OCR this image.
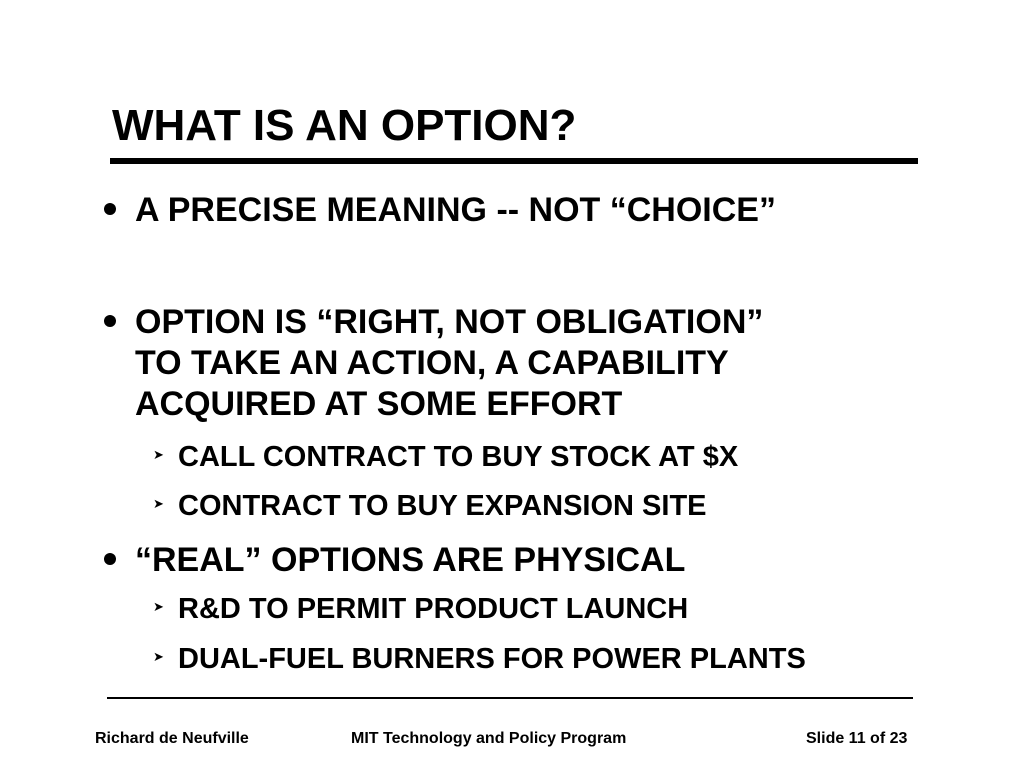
WHAT IS AN OPTION?
A PRECISE MEANING -- NOT “CHOICE”
OPTION IS “RIGHT, NOT OBLIGATION”
TO TAKE AN ACTION, A CAPABILITY
ACQUIRED AT SOME EFFORT
➤ CALL CONTRACT TO BUY STOCK AT $X
➤ CONTRACT TO BUY EXPANSION SITE
“REAL” OPTIONS ARE PHYSICAL
➤ R&D TO PERMIT PRODUCT LAUNCH
➤ DUAL-FUEL BURNERS FOR POWER PLANTS
Richard de Neufville	MIT Technology and Policy Program	Slide 11 of 23
